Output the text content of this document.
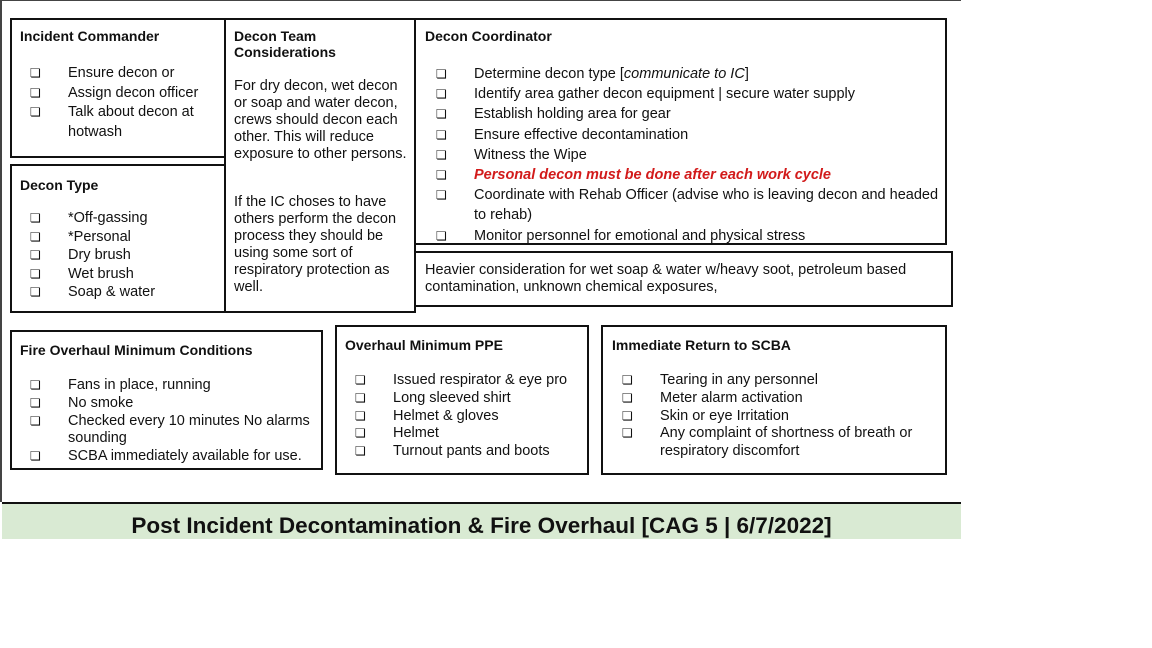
Incident Commander
❏ Ensure decon or
❏ Assign decon officer
❏ Talk about decon at hotwash
Decon Type
❏ *Off-gassing
❏ *Personal
❏ Dry brush
❏ Wet brush
❏ Soap & water
Decon Team Considerations

For dry decon, wet decon or soap and water decon, crews should decon each other. This will reduce exposure to other persons.

If the IC choses to have others perform the decon process they should be using some sort of respiratory protection as well.

Decon Coordinator
❏ Determine decon type [communicate to IC]
❏ Identify area gather decon equipment | secure water supply
❏ Establish holding area for gear
❏ Ensure effective decontamination
❏ Witness the Wipe
❏ Personal decon must be done after each work cycle
❏ Coordinate with Rehab Officer (advise who is leaving decon and headed to rehab)
❏ Monitor personnel for emotional and physical stress

Heavier consideration for wet soap & water w/heavy soot, petroleum based contamination, unknown chemical exposures,

Fire Overhaul Minimum Conditions
❏ Fans in place, running
❏ No smoke
❏ Checked every 10 minutes No alarms sounding
❏ SCBA immediately available for use.
Overhaul Minimum PPE
❏ Issued respirator & eye pro
❏ Long sleeved shirt
❏ Helmet & gloves
❏ Helmet
❏ Turnout pants and boots
Immediate Return to SCBA
❏ Tearing in any personnel
❏ Meter alarm activation
❏ Skin or eye Irritation
❏ Any complaint of shortness of breath or respiratory discomfort
Post Incident Decontamination & Fire Overhaul [CAG 5 | 6/7/2022]
